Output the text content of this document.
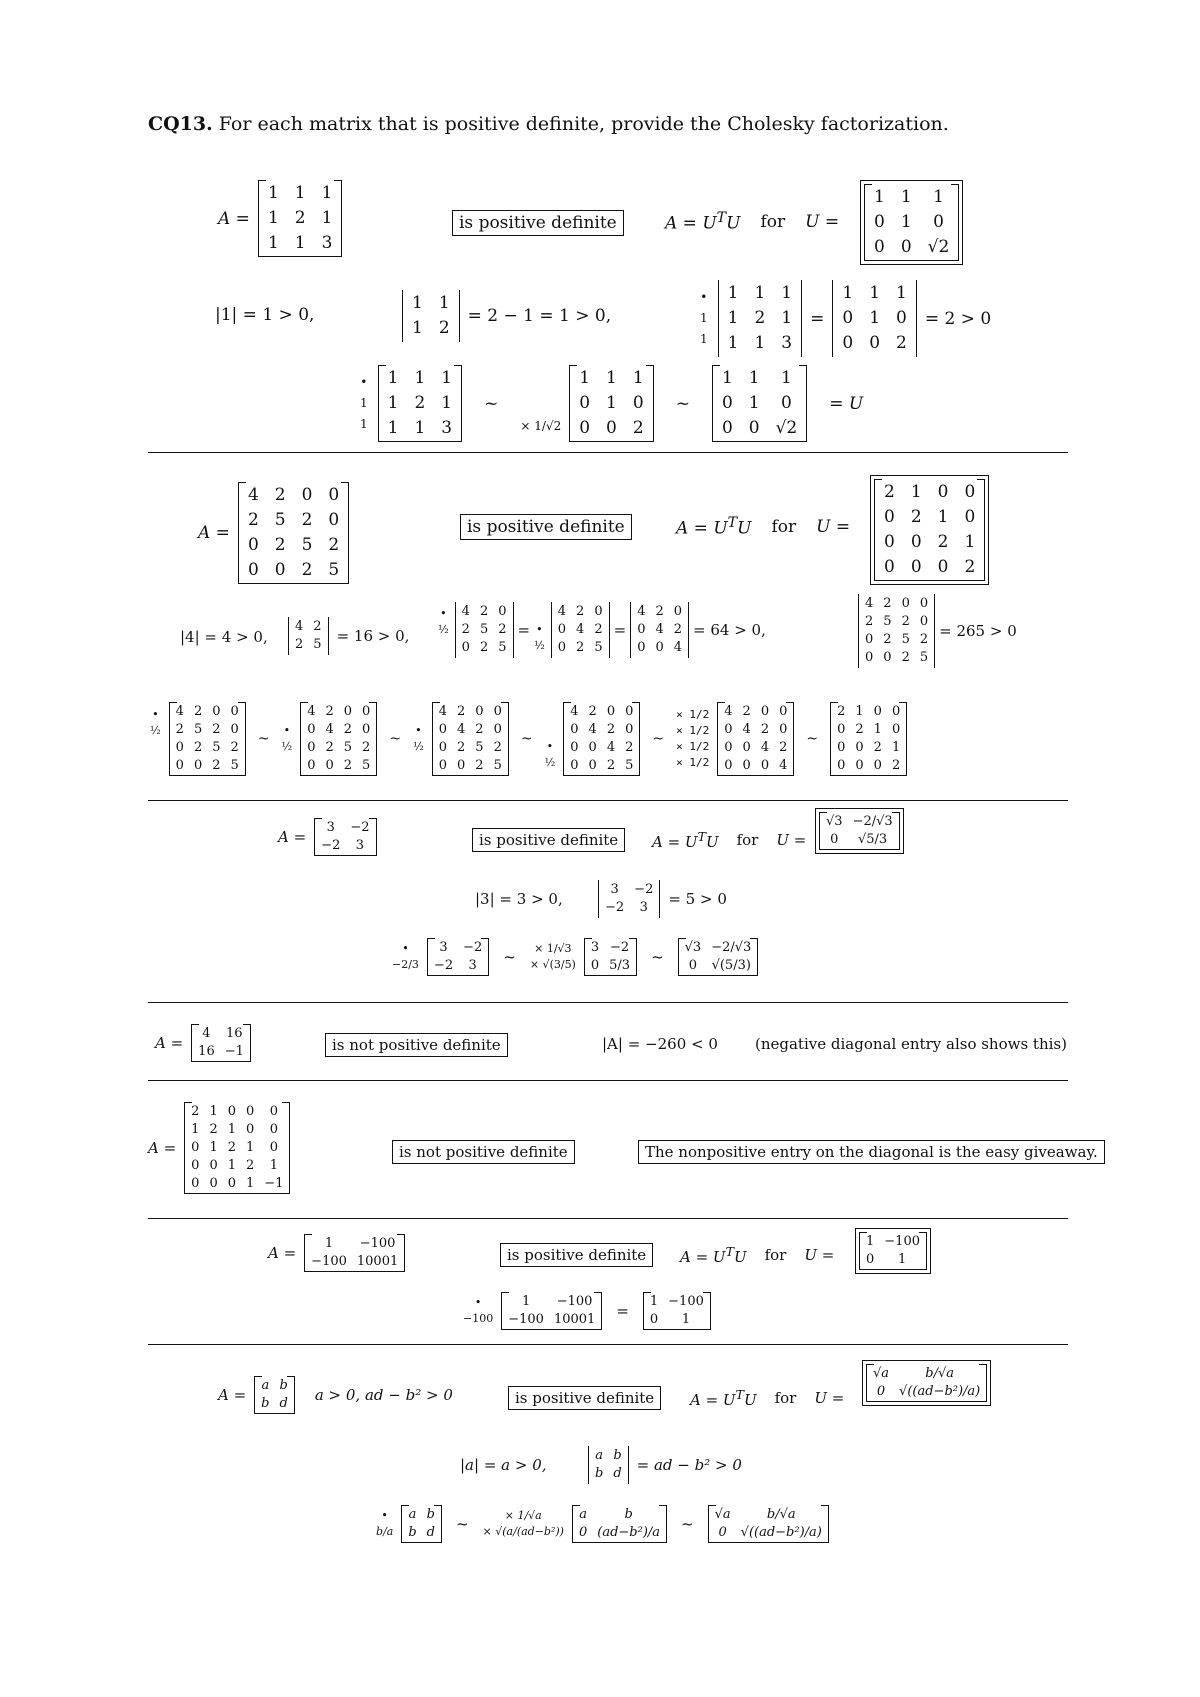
CQ13. For each matrix that is positive definite, provide the Cholesky factorization.
A =
1	1	1
1	2	1
1	1	3
is positive definite	$A = U^TU$ for U =
1	1	1
0	1	0
0	0	√2
|1| = 1 > 0,
1	1
1	2
= 2 − 1 = 1 > 0,
•
1
1
1	1	1
1	2	1
1	1	3
=
1	1	1
0	1	0
0	0	2
= 2 > 0
•
1
1
1	1	1
1	2	1
1	1	3
~
× 1/√2
1	1	1
0	1	0
0	0	2
~
1	1	1
0	1	0
0	0	√2
= U
A =
4	2	0	0
2	5	2	0
0	2	5	2
0	0	2	5
is positive definite	$A = U^TU$ for U =
2	1	0	0
0	2	1	0
0	0	2	1
0	0	0	2
|4| = 4 > 0,
4	2
2	5 = 16 > 0,
•
½

4	2	0
2	5	2
0	2	5
=
•
½
4	2	0
0	4	2
0	2	5
=
4	2	0
0	4	2
0	0	4
= 64 > 0,
4	2	0	0
2	5	2	0
0	2	5	2
0	0	2	5
= 265 > 0
•
½

4	2	0	0
2	5	2	0
0	2	5	2
0	0	2	5
~

•
½

4	2	0	0
0	4	2	0
0	2	5	2
0	0	2	5
~

•
½

4	2	0	0
0	4	2	0
0	2	5	2
0	0	2	5
~

•
½
4	2	0	0
0	4	2	0
0	0	4	2
0	0	2	5
~
× 1/2
× 1/2
× 1/2
× 1/2
4	2	0	0
0	4	2	0
0	0	4	2
0	0	0	4
~
2	1	0	0
0	2	1	0
0	0	2	1
0	0	0	2
A =
3	−2
−2	3	is positive definite	$A = U^TU$ for U =
√3	−2/√3
0	√5/3
|3| = 3 > 0,
3	−2
−2	3 = 5 > 0
•
−2/3
3	−2
−2	3 ~ × 1/√3
× √(3/5)
3	−2
0	5/3 ~
√3	−2/√3
0	√(5/3)
A =
4	16
16	−1	is not positive definite	|A| = −260 < 0 (negative diagonal entry also shows this)
A =
2	1	0	0	0
1	2	1	0	0
0	1	2	1	0
0	0	1	2	1
0	0	0	1	−1
is not positive definite	The nonpositive entry on the diagonal is the easy giveaway.
A =
1	−100
−100	10001	is positive definite	$A = U^TU$ for U =
1	−100
0	1
•
−100
1	−100
−100	10001 =
1	−100
0	1
A =
a	b
b	d a > 0, ad − b² > 0	is positive definite	$A = U^TU$ for U =
√a	b/√a
0	√((ad−b²)/a)
|a| = a > 0,
a	b
b	d = ad − b² > 0
•
b/a
a	b
b	d ~	× 1/√a
× √(a/(ad−b²))
a	b
0	(ad−b²)/a ~
√a	b/√a
0	√((ad−b²)/a)
